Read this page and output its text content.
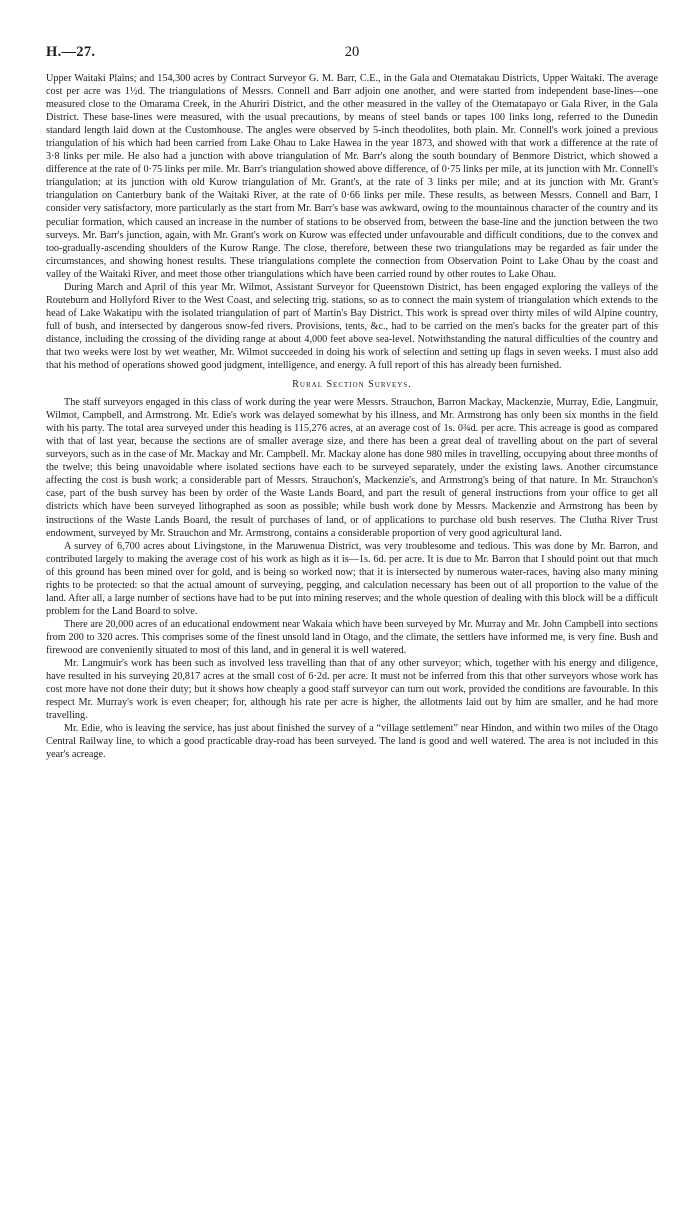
H.—27.	20

Upper Waitaki Plains; and 154,300 acres by Contract Surveyor G. M. Barr, C.E., in the Gala and Otematakau Districts, Upper Waitaki. The average cost per acre was 1½d. The triangulations of Messrs. Connell and Barr adjoin one another, and were started from independent base-lines—one measured close to the Omarama Creek, in the Ahuriri District, and the other measured in the valley of the Otematapayo or Gala River, in the Gala District. These base-lines were measured, with the usual precautions, by means of steel bands or tapes 100 links long, referred to the Dunedin standard length laid down at the Customhouse. The angles were observed by 5-inch theodolites, both plain. Mr. Connell's work joined a previous triangulation of his which had been carried from Lake Ohau to Lake Hawea in the year 1873, and showed with that work a difference at the rate of 3·8 links per mile. He also had a junction with above triangulation of Mr. Barr's along the south boundary of Benmore District, which showed a difference at the rate of 0·75 links per mile. Mr. Barr's triangulation showed above difference, of 0·75 links per mile, at its junction with Mr. Connell's triangulation; at its junction with old Kurow triangulation of Mr. Grant's, at the rate of 3 links per mile; and at its junction with Mr. Grant's triangulation on Canterbury bank of the Waitaki River, at the rate of 0·66 links per mile. These results, as between Messrs. Connell and Barr, I consider very satisfactory, more particularly as the start from Mr. Barr's base was awkward, owing to the mountainous character of the country and its peculiar formation, which caused an increase in the number of stations to be observed from, between the base-line and the junction between the two surveys. Mr. Barr's junction, again, with Mr. Grant's work on Kurow was effected under unfavourable and difficult conditions, due to the convex and too-gradually-ascending shoulders of the Kurow Range. The close, therefore, between these two triangulations may be regarded as fair under the circumstances, and showing honest results. These triangulations complete the connection from Observation Point to Lake Ohau by the coast and valley of the Waitaki River, and meet those other triangulations which have been carried round by other routes to Lake Ohau.

During March and April of this year Mr. Wilmot, Assistant Surveyor for Queenstown District, has been engaged exploring the valleys of the Routeburn and Hollyford River to the West Coast, and selecting trig. stations, so as to connect the main system of triangulation which extends to the head of Lake Wakatipu with the isolated triangulation of part of Martin's Bay District. This work is spread over thirty miles of wild Alpine country, full of bush, and intersected by dangerous snow-fed rivers. Provisions, tents, &c., had to be carried on the men's backs for the greater part of this distance, including the crossing of the dividing range at about 4,000 feet above sea-level. Notwithstanding the natural difficulties of the country and that two weeks were lost by wet weather, Mr. Wilmot succeeded in doing his work of selection and setting up flags in seven weeks. I must also add that his method of operations showed good judgment, intelligence, and energy. A full report of this has already been furnished.

Rural Section Surveys.

The staff surveyors engaged in this class of work during the year were Messrs. Strauchon, Barron Mackay, Mackenzie, Murray, Edie, Langmuir, Wilmot, Campbell, and Armstrong. Mr. Edie's work was delayed somewhat by his illness, and Mr. Armstrong has only been six months in the field with his party. The total area surveyed under this heading is 115,276 acres, at an average cost of 1s. 0¾d. per acre. This acreage is good as compared with that of last year, because the sections are of smaller average size, and there has been a great deal of travelling about on the part of several surveyors, such as in the case of Mr. Mackay and Mr. Campbell. Mr. Mackay alone has done 980 miles in travelling, occupying about three months of the twelve; this being unavoidable where isolated sections have each to be surveyed separately, under the existing laws. Another circumstance affecting the cost is bush work; a considerable part of Messrs. Strauchon's, Mackenzie's, and Armstrong's being of that nature. In Mr. Strauchon's case, part of the bush survey has been by order of the Waste Lands Board, and part the result of general instructions from your office to get all districts which have been surveyed lithographed as soon as possible; while bush work done by Messrs. Mackenzie and Armstrong has been by instructions of the Waste Lands Board, the result of purchases of land, or of applications to purchase old bush reserves. The Clutha River Trust endowment, surveyed by Mr. Strauchon and Mr. Armstrong, contains a considerable proportion of very good agricultural land.

A survey of 6,700 acres about Livingstone, in the Maruwenua District, was very troublesome and tedious. This was done by Mr. Barron, and contributed largely to making the average cost of his work as high as it is—1s. 6d. per acre. It is due to Mr. Barron that I should point out that much of this ground has been mined over for gold, and is being so worked now; that it is intersected by numerous water-races, having also many mining rights to be protected: so that the actual amount of surveying, pegging, and calculation necessary has been out of all proportion to the value of the land. After all, a large number of sections have had to be put into mining reserves; and the whole question of dealing with this block will be a difficult problem for the Land Board to solve.

There are 20,000 acres of an educational endowment near Wakaia which have been surveyed by Mr. Murray and Mr. John Campbell into sections from 200 to 320 acres. This comprises some of the finest unsold land in Otago, and the climate, the settlers have informed me, is very fine. Bush and firewood are conveniently situated to most of this land, and in general it is well watered.

Mr. Langmuir's work has been such as involved less travelling than that of any other surveyor; which, together with his energy and diligence, have resulted in his surveying 20,817 acres at the small cost of 6·2d. per acre. It must not be inferred from this that other surveyors whose work has cost more have not done their duty; but it shows how cheaply a good staff surveyor can turn out work, provided the conditions are favourable. In this respect Mr. Murray's work is even cheaper; for, although his rate per acre is higher, the allotments laid out by him are smaller, and he had more travelling.

Mr. Edie, who is leaving the service, has just about finished the survey of a “village settlement” near Hindon, and within two miles of the Otago Central Railway line, to which a good practicable dray-road has been surveyed. The land is good and well watered. The area is not included in this year's acreage.
